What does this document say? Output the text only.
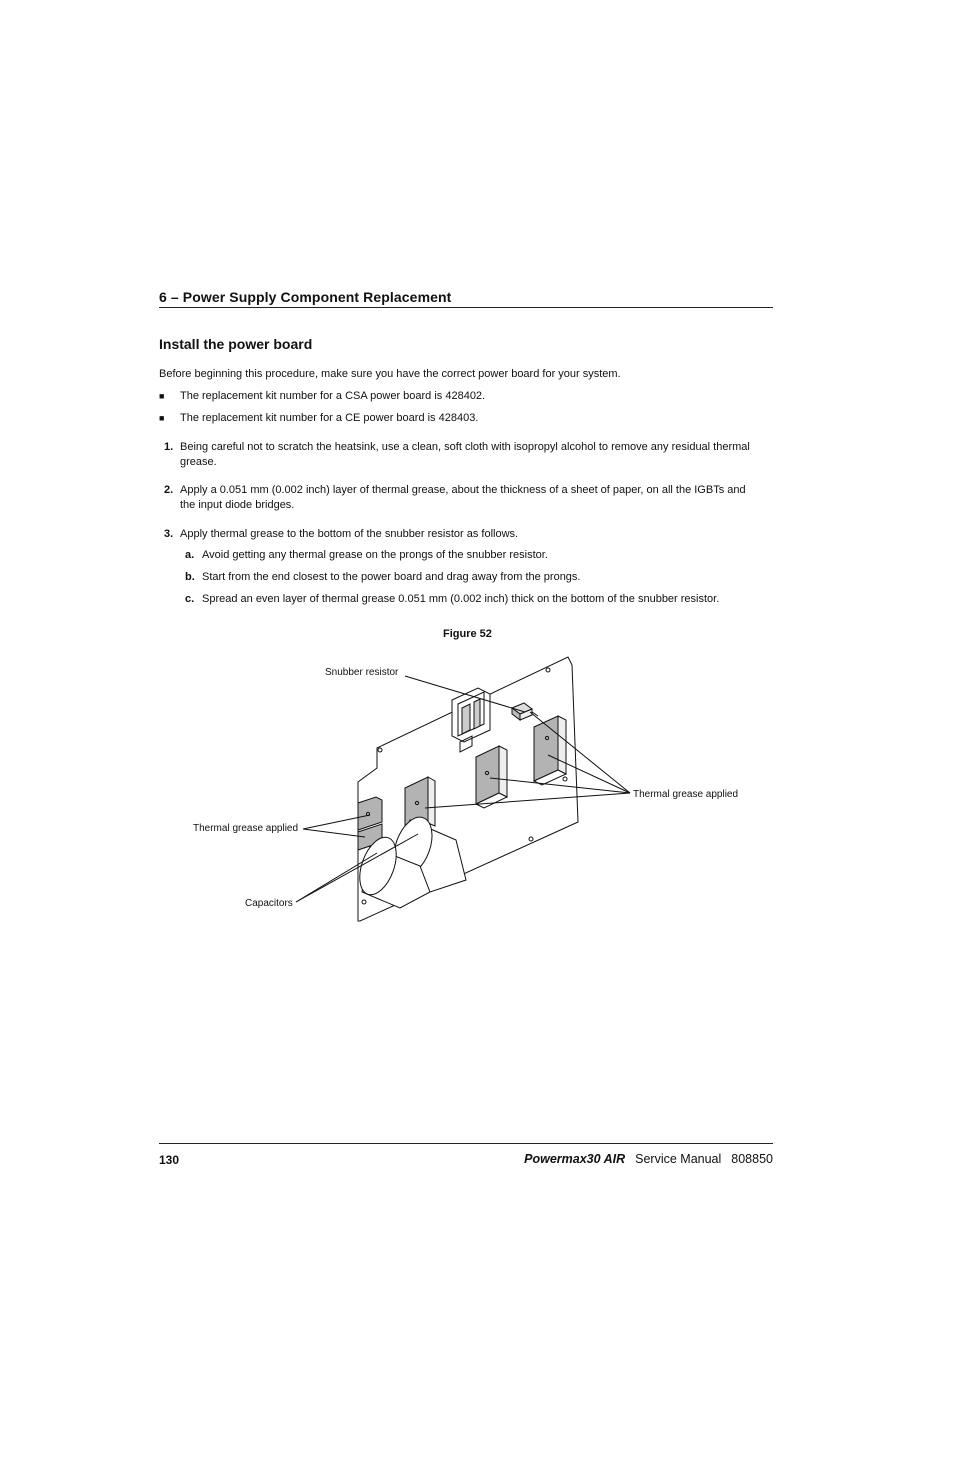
6 – Power Supply Component Replacement
Install the power board
Before beginning this procedure, make sure you have the correct power board for your system.
■ The replacement kit number for a CSA power board is 428402.
■ The replacement kit number for a CE power board is 428403.
1. Being careful not to scratch the heatsink, use a clean, soft cloth with isopropyl alcohol to remove any residual thermal
grease.
2. Apply a 0.051 mm (0.002 inch) layer of thermal grease, about the thickness of a sheet of paper, on all the IGBTs and
the input diode bridges.
3. Apply thermal grease to the bottom of the snubber resistor as follows.
a. Avoid getting any thermal grease on the prongs of the snubber resistor.
b. Start from the end closest to the power board and drag away from the prongs.
c. Spread an even layer of thermal grease 0.051 mm (0.002 inch) thick on the bottom of the snubber resistor.
Figure 52
Snubber resistor
Thermal grease applied
Thermal grease applied
Capacitors
130	Powermax30 AIR Service Manual 808850
